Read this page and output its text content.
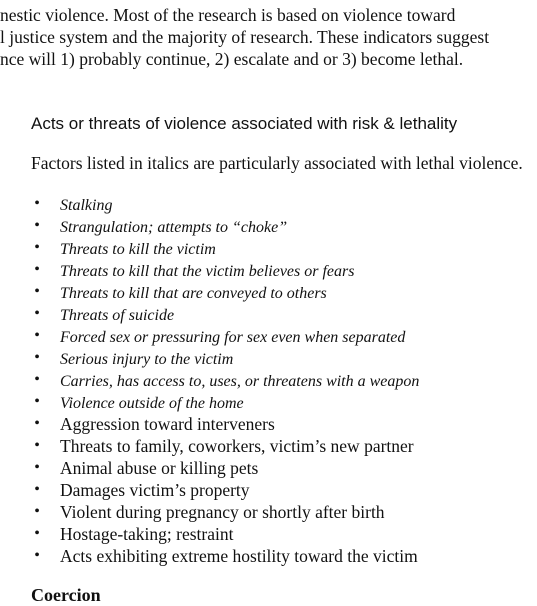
nestic violence. Most of the research is based on violence toward
l justice system and the majority of research. These indicators suggest
nce will 1) probably continue, 2) escalate and or 3) become lethal.
Acts or threats of violence associated with risk & lethality
Factors listed in italics are particularly associated with lethal violence.
• Stalking
• Strangulation; attempts to “choke”
• Threats to kill the victim
• Threats to kill that the victim believes or fears
• Threats to kill that are conveyed to others
• Threats of suicide
• Forced sex or pressuring for sex even when separated
• Serious injury to the victim
• Carries, has access to, uses, or threatens with a weapon
• Violence outside of the home
• Aggression toward interveners
• Threats to family, coworkers, victim’s new partner
• Animal abuse or killing pets
• Damages victim’s property
• Violent during pregnancy or shortly after birth
• Hostage-taking; restraint
• Acts exhibiting extreme hostility toward the victim
Coercion
